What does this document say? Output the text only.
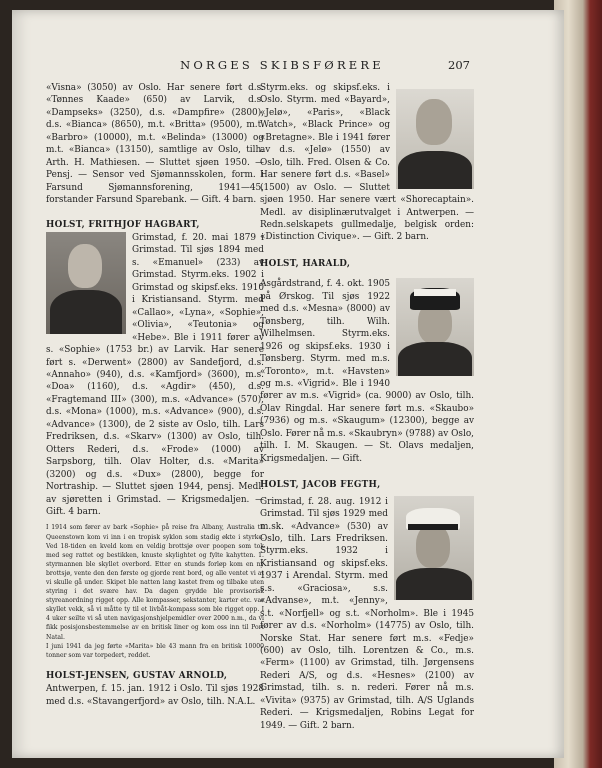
NORGES SKIBSFØRERE	207

«Visna» (3050) av Oslo. Har senere ført d.s. «Tønnes Kaade» (650) av Larvik, d.s. «Dampseks» (3250), d.s. «Dampfire» (2800), d.s. «Bianca» (8650), m.t. «Britta» (9500), m.t. «Barbro» (10000), m.t. «Belinda» (13000) og m.t. «Bianca» (13150), samtlige av Oslo, tilh. Arth. H. Mathiesen. — Sluttet sjøen 1950. — Pensj. — Sensor ved Sjømannsskolen, form. i Farsund Sjømannsforening, 1941—45, forstander Farsund Sparebank. — Gift. 4 barn.

HOLST, FRITHJOF HAGBART,

Grimstad, f. 20. mai 1879 i Grimstad. Til sjøs 1894 med s. «Emanuel» (233) av Grimstad. Styrm.eks. 1902 i Grimstad og skipsf.eks. 1910 i Kristiansand. Styrm. med «Callao», «Lyna», «Sophie», «Olivia», «Teutonia» og «Hebe». Ble i 1911 fører av s. «Sophie» (1753 br.) av Larvik. Har senere ført s. «Derwent» (2800) av Sandefjord, d.s. «Annaho» (940), d.s. «Kamfjord» (3600), m.s. «Doa» (1160), d.s. «Agdir» (450), d.s. «Fragtemand III» (300), m.s. «Advance» (570), d.s. «Mona» (1000), m.s. «Advance» (900), d.s. «Advance» (1300), de 2 siste av Oslo, tilh. Lars Fredriksen, d.s. «Skarv» (1300) av Oslo, tilh. Otters Rederi, d.s. «Frode» (1000) av Sarpsborg, tilh. Olav Holter, d.s. «Marita» (3200) og d.s. «Dux» (2800), begge for Nortraship. — Sluttet sjøen 1944, pensj. Medl. av sjøretten i Grimstad. — Krigsmedaljen. — Gift. 4 barn.

I 1914 som fører av bark «Sophie» på reise fra Albany, Australia til Queenstown kom vi inn i en tropisk syklon som stadig økte i styrke. Ved 18-tiden en kveld kom en veldig brottsjø over poopen som tok med seg rattet og bestikken, knuste skylightet og fylte kahytten. 1. styrmannen ble skyllet overbord. Etter en stunds forløp kom en ny brottsjø, vente den den første og gjorde rent bord, og alle ventet vi at vi skulle gå under. Skipet ble natten lang kastet frem og tilbake uten styring i det svære hav. Da dagen grydde ble provisorisk styreanordning rigget opp. Alle kompasser, sekstanter, karter etc. var skyllet vekk, så vi måtte ty til et livbåt-kompass som ble rigget opp. I 4 uker seilte vi så uten navigasjonshjelpemidler over 2000 n.m., da vi fikk posisjonsbestemmelse av en britisk liner og kom oss inn til Port Natal.

I juni 1941 da jeg førte «Marita» ble 43 mann fra en britisk 10000 tonner som var torpedert, reddet.

HOLST-JENSEN, GUSTAV ARNOLD,

Antwerpen, f. 15. jan. 1912 i Oslo. Til sjøs 1928 med d.s. «Stavangerfjord» av Oslo, tilh. N.A.L.

Styrm.eks. og skipsf.eks. i Oslo. Styrm. med «Bayard», «Jelø», «Paris», «Black Watch», «Black Prince» og «Bretagne». Ble i 1941 fører av d.s. «Jelø» (1550) av Oslo, tilh. Fred. Olsen & Co. Har senere ført d.s. «Basel» (1500) av Oslo. — Sluttet sjøen 1950. Har senere vært «Shorecaptain». Medl. av disiplinærutvalget i Antwerpen. — Redn.selskapets gullmedalje, belgisk orden: «Distinction Civique». — Gift. 2 barn.

HOLST, HARALD,

Asgårdstrand, f. 4. okt. 1905 på Ørskog. Til sjøs 1922 med d.s. «Mesna» (8000) av Tønsberg, tilh. Wilh. Wilhelmsen. Styrm.eks. 1926 og skipsf.eks. 1930 i Tønsberg. Styrm. med m.s. «Toronto», m.t. «Havsten» og m.s. «Vigrid». Ble i 1940 fører av m.s. «Vigrid» (ca. 9000) av Oslo, tilh. Olav Ringdal. Har senere ført m.s. «Skaubo» (7936) og m.s. «Skaugum» (12300), begge av Oslo. Fører nå m.s. «Skaubryn» (9788) av Oslo, tilh. I. M. Skaugen. — St. Olavs medaljen, Krigsmedaljen. — Gift.

HOLST, JACOB FEGTH,

Grimstad, f. 28. aug. 1912 i Grimstad. Til sjøs 1929 med m.sk. «Advance» (530) av Oslo, tilh. Lars Fredriksen. Styrm.eks. 1932 i Kristiansand og skipsf.eks. 1937 i Arendal. Styrm. med s.s. «Graciosa», s.s. «Advanse», m.t. «Jenny», s.t. «Norfjell» og s.t. «Norholm». Ble i 1945 fører av d.s. «Norholm» (14775) av Oslo, tilh. Norske Stat. Har senere ført m.s. «Fedje» (600) av Oslo, tilh. Lorentzen & Co., m.s. «Ferm» (1100) av Grimstad, tilh. Jørgensens Rederi A/S, og d.s. «Hesnes» (2100) av Grimstad, tilh. s. n. rederi. Fører nå m.s. «Vivita» (9375) av Grimstad, tilh. A/S Uglands Rederi. — Krigsmedaljen, Robins Legat for 1949. — Gift. 2 barn.
